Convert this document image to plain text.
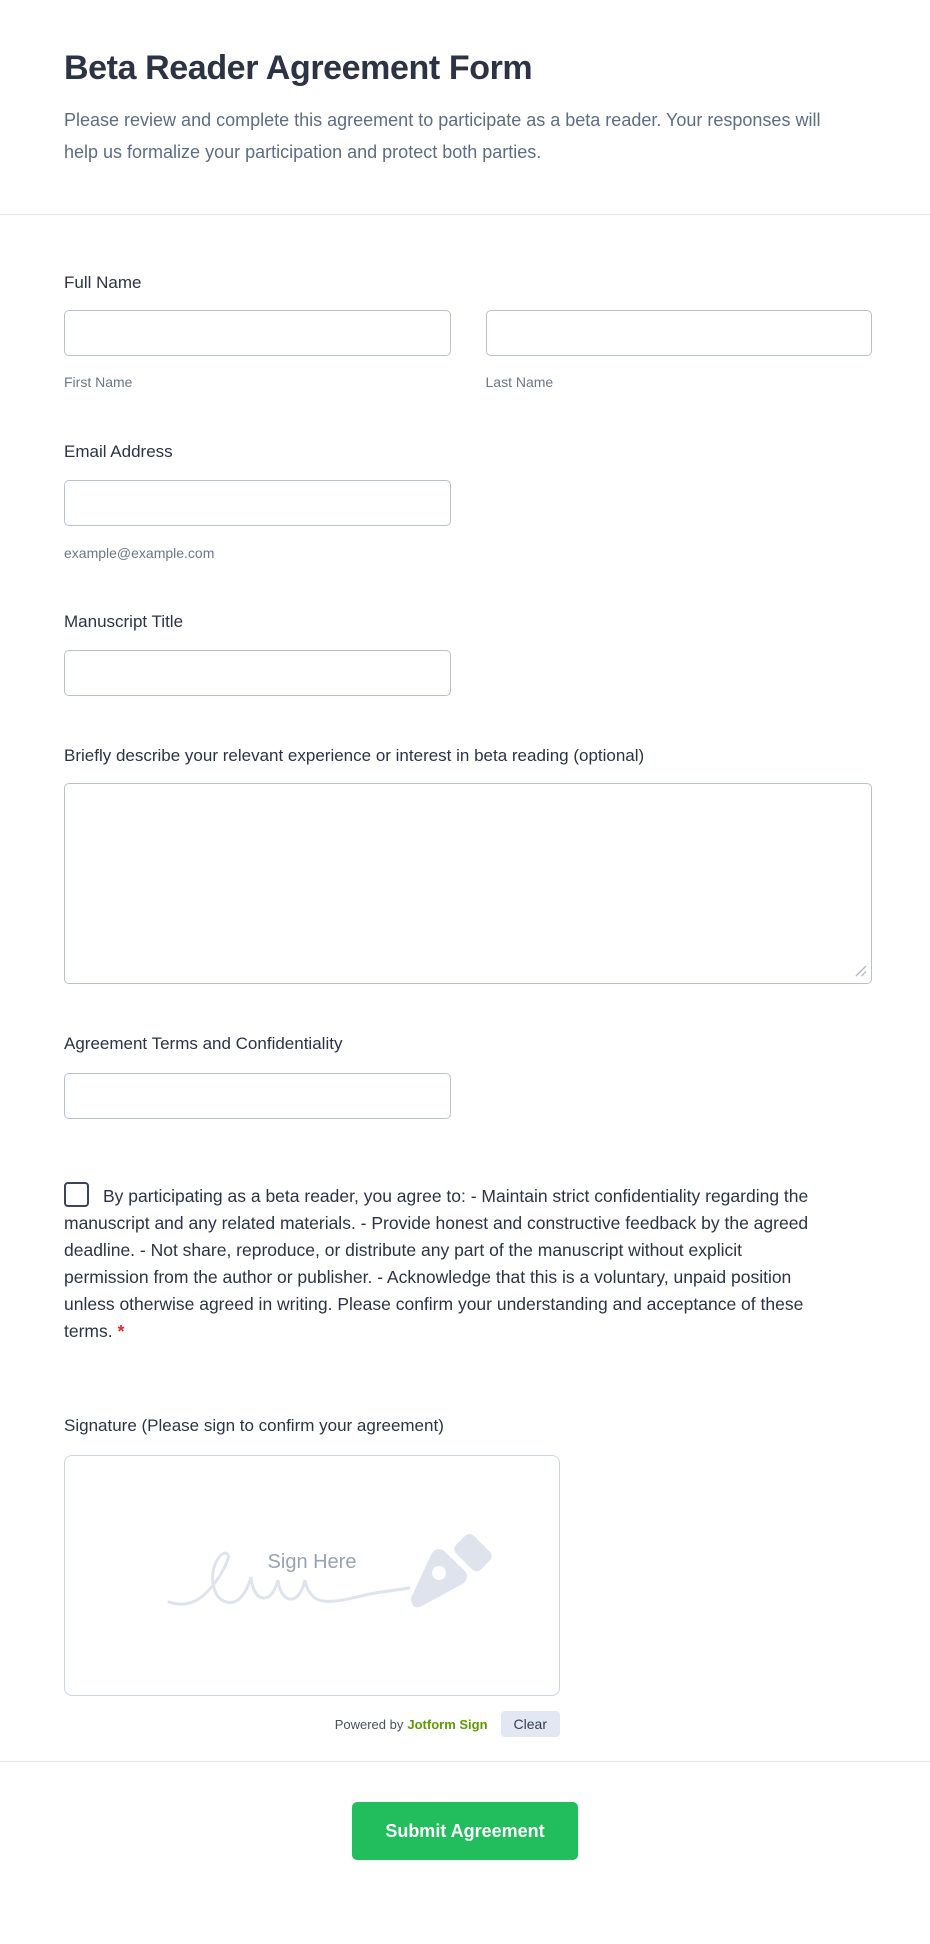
Beta Reader Agreement Form

Please review and complete this agreement to participate as a beta reader. Your responses will help us formalize your participation and protect both parties.

Full Name
First Name	Last Name
Email Address
example@example.com
Manuscript Title
Briefly describe your relevant experience or interest in beta reading (optional)
Agreement Terms and Confidentiality
By participating as a beta reader, you agree to: - Maintain strict confidentiality regarding the manuscript and any related materials. - Provide honest and constructive feedback by the agreed deadline. - Not share, reproduce, or distribute any part of the manuscript without explicit permission from the author or publisher. - Acknowledge that this is a voluntary, unpaid position unless otherwise agreed in writing. Please confirm your understanding and acceptance of these terms. *
Signature (Please sign to confirm your agreement)
Sign Here
Powered by Jotform Sign	Clear
Submit Agreement
